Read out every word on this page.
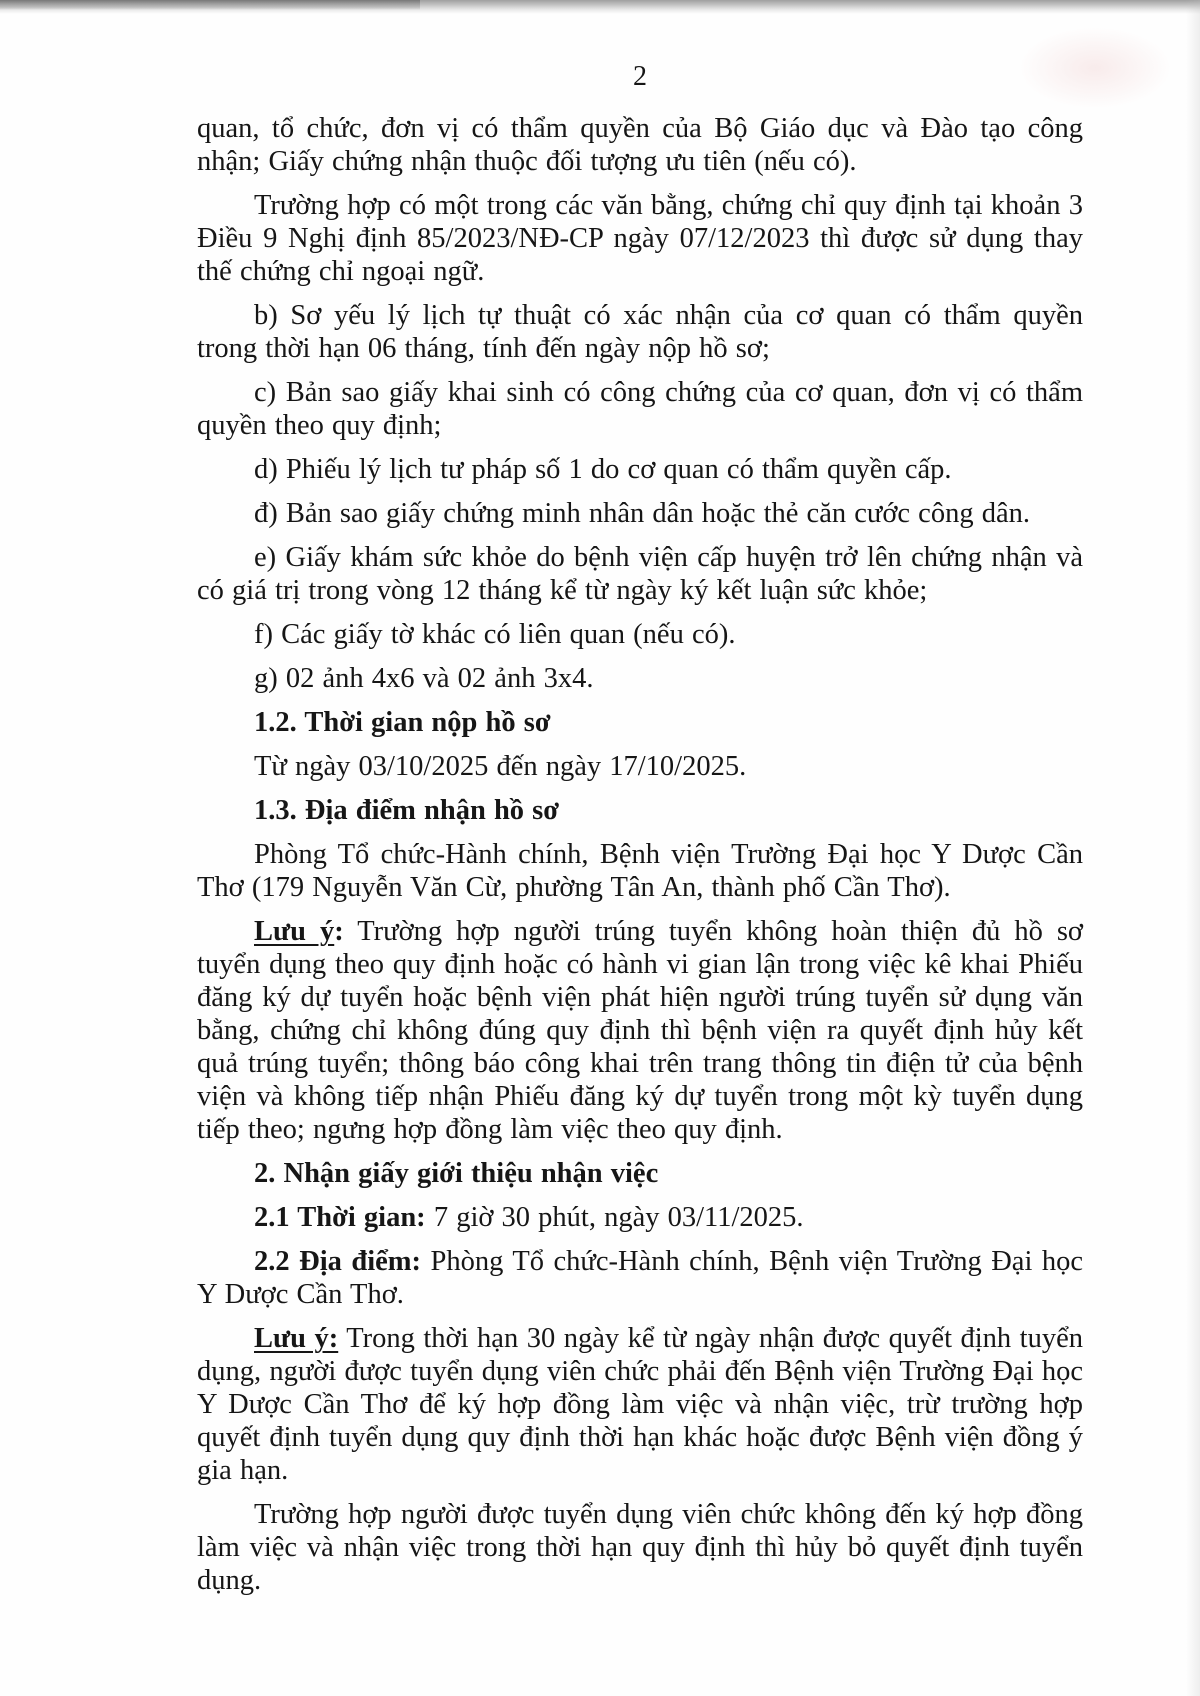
2

quan, tổ chức, đơn vị có thẩm quyền của Bộ Giáo dục và Đào tạo công nhận; Giấy chứng nhận thuộc đối tượng ưu tiên (nếu có).

Trường hợp có một trong các văn bằng, chứng chỉ quy định tại khoản 3 Điều 9 Nghị định 85/2023/NĐ-CP ngày 07/12/2023 thì được sử dụng thay thế chứng chỉ ngoại ngữ.

b) Sơ yếu lý lịch tự thuật có xác nhận của cơ quan có thẩm quyền trong thời hạn 06 tháng, tính đến ngày nộp hồ sơ;

c) Bản sao giấy khai sinh có công chứng của cơ quan, đơn vị có thẩm quyền theo quy định;

d) Phiếu lý lịch tư pháp số 1 do cơ quan có thẩm quyền cấp.

đ) Bản sao giấy chứng minh nhân dân hoặc thẻ căn cước công dân.

e) Giấy khám sức khỏe do bệnh viện cấp huyện trở lên chứng nhận và có giá trị trong vòng 12 tháng kể từ ngày ký kết luận sức khỏe;

f) Các giấy tờ khác có liên quan (nếu có).

g) 02 ảnh 4x6 và 02 ảnh 3x4.

1.2. Thời gian nộp hồ sơ

Từ ngày 03/10/2025 đến ngày 17/10/2025.

1.3. Địa điểm nhận hồ sơ

Phòng Tổ chức-Hành chính, Bệnh viện Trường Đại học Y Dược Cần Thơ (179 Nguyễn Văn Cừ, phường Tân An, thành phố Cần Thơ).

Lưu ý: Trường hợp người trúng tuyển không hoàn thiện đủ hồ sơ tuyển dụng theo quy định hoặc có hành vi gian lận trong việc kê khai Phiếu đăng ký dự tuyển hoặc bệnh viện phát hiện người trúng tuyển sử dụng văn bằng, chứng chỉ không đúng quy định thì bệnh viện ra quyết định hủy kết quả trúng tuyển; thông báo công khai trên trang thông tin điện tử của bệnh viện và không tiếp nhận Phiếu đăng ký dự tuyển trong một kỳ tuyển dụng tiếp theo; ngưng hợp đồng làm việc theo quy định.

2. Nhận giấy giới thiệu nhận việc

2.1 Thời gian: 7 giờ 30 phút, ngày 03/11/2025.

2.2 Địa điểm: Phòng Tổ chức-Hành chính, Bệnh viện Trường Đại học Y Dược Cần Thơ.

Lưu ý: Trong thời hạn 30 ngày kể từ ngày nhận được quyết định tuyển dụng, người được tuyển dụng viên chức phải đến Bệnh viện Trường Đại học Y Dược Cần Thơ để ký hợp đồng làm việc và nhận việc, trừ trường hợp quyết định tuyển dụng quy định thời hạn khác hoặc được Bệnh viện đồng ý gia hạn.

Trường hợp người được tuyển dụng viên chức không đến ký hợp đồng làm việc và nhận việc trong thời hạn quy định thì hủy bỏ quyết định tuyển dụng.
